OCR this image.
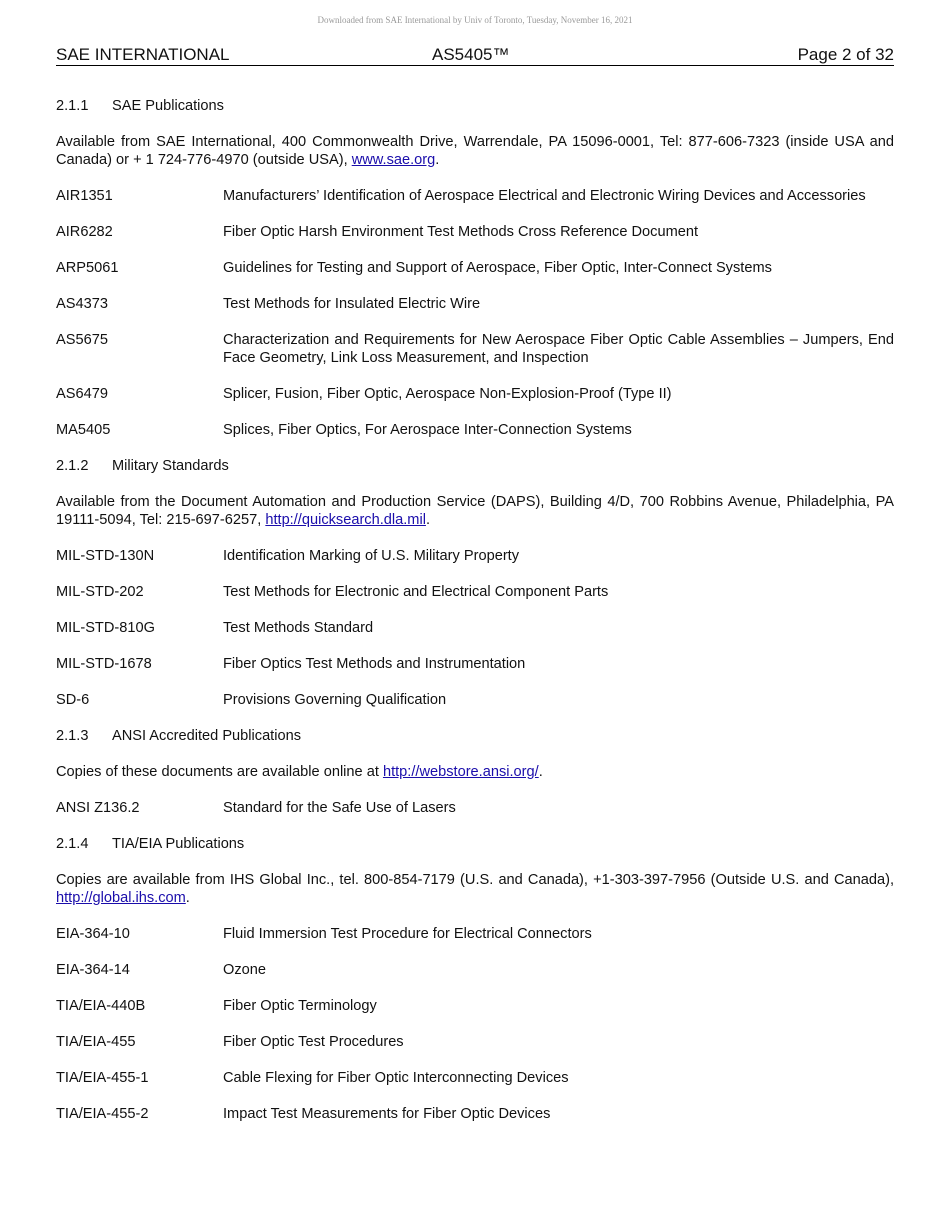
Downloaded from SAE International by Univ of Toronto, Tuesday, November 16, 2021
SAE INTERNATIONAL	AS5405™	Page 2 of 32
2.1.1 SAE Publications
Available from SAE International, 400 Commonwealth Drive, Warrendale, PA 15096-0001, Tel: 877-606-7323 (inside USA and Canada) or + 1 724-776-4970 (outside USA), www.sae.org.
AIR1351	Manufacturers’ Identification of Aerospace Electrical and Electronic Wiring Devices and Accessories
AIR6282	Fiber Optic Harsh Environment Test Methods Cross Reference Document
ARP5061	Guidelines for Testing and Support of Aerospace, Fiber Optic, Inter-Connect Systems
AS4373	Test Methods for Insulated Electric Wire
AS5675	Characterization and Requirements for New Aerospace Fiber Optic Cable Assemblies – Jumpers, End Face Geometry, Link Loss Measurement, and Inspection
AS6479	Splicer, Fusion, Fiber Optic, Aerospace Non-Explosion-Proof (Type II)
MA5405	Splices, Fiber Optics, For Aerospace Inter-Connection Systems
2.1.2 Military Standards
Available from the Document Automation and Production Service (DAPS), Building 4/D, 700 Robbins Avenue, Philadelphia, PA 19111-5094, Tel: 215-697-6257, http://quicksearch.dla.mil.
MIL-STD-130N	Identification Marking of U.S. Military Property
MIL-STD-202	Test Methods for Electronic and Electrical Component Parts
MIL-STD-810G	Test Methods Standard
MIL-STD-1678	Fiber Optics Test Methods and Instrumentation
SD-6	Provisions Governing Qualification
2.1.3 ANSI Accredited Publications
Copies of these documents are available online at http://webstore.ansi.org/.
ANSI Z136.2	Standard for the Safe Use of Lasers
2.1.4 TIA/EIA Publications
Copies are available from IHS Global Inc., tel. 800-854-7179 (U.S. and Canada), +1-303-397-7956 (Outside U.S. and Canada), http://global.ihs.com.
EIA-364-10	Fluid Immersion Test Procedure for Electrical Connectors
EIA-364-14	Ozone
TIA/EIA-440B	Fiber Optic Terminology
TIA/EIA-455	Fiber Optic Test Procedures
TIA/EIA-455-1	Cable Flexing for Fiber Optic Interconnecting Devices
TIA/EIA-455-2	Impact Test Measurements for Fiber Optic Devices
